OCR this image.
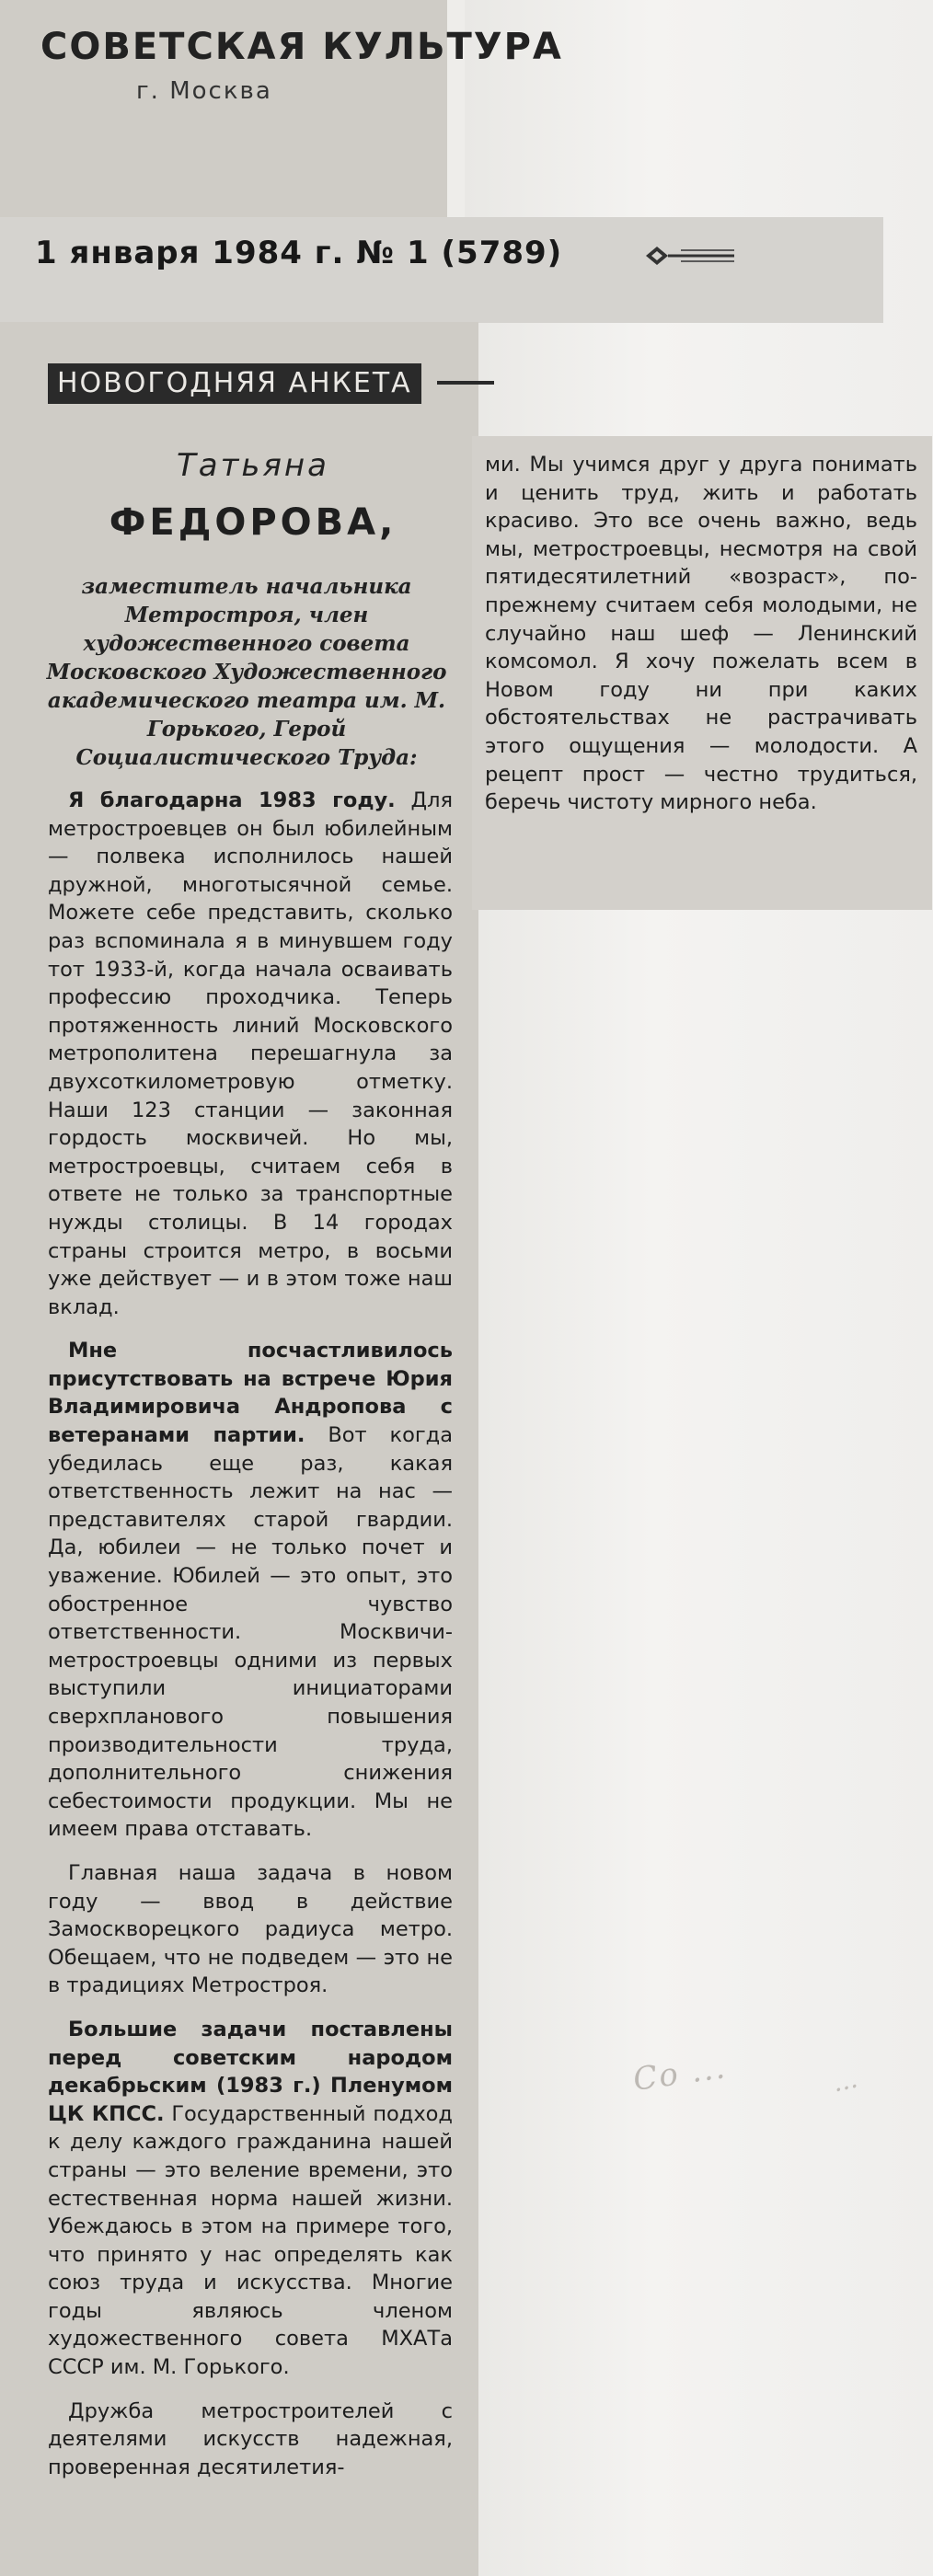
СОВЕТСКАЯ КУЛЬТУРА
г. Москва
1 января 1984 г. № 1 (5789)
НОВОГОДНЯЯ АНКЕТА
Татьяна
ФЕДОРОВА,
заместитель начальника Метростроя, член художественного совета Московского Художественного академического театра им. М. Горького, Герой Социалистического Труда:

Я благодарна 1983 году. Для метростроевцев он был юбилейным — полвека исполнилось нашей дружной, многотысячной семье. Можете себе представить, сколько раз вспоминала я в минувшем году тот 1933-й, когда начала осваивать профессию проходчика. Теперь протяженность линий Московского метрополитена перешагнула за двухсоткилометровую отметку. Наши 123 станции — законная гордость москвичей. Но мы, метростроевцы, считаем себя в ответе не только за транспортные нужды столицы. В 14 городах страны строится метро, в восьми уже действует — и в этом тоже наш вклад.

Мне посчастливилось присутствовать на встрече Юрия Владимировича Андропова с ветеранами партии. Вот когда убедилась еще раз, какая ответственность лежит на нас — представителях старой гвардии. Да, юбилеи — не только почет и уважение. Юбилей — это опыт, это обостренное чувство ответственности. Москвичи-метростроевцы одними из первых выступили инициаторами сверхпланового повышения производительности труда, дополнительного снижения себестоимости продукции. Мы не имеем права отставать.

Главная наша задача в новом году — ввод в действие Замоскворецкого радиуса метро. Обещаем, что не подведем — это не в традициях Метростроя.

Большие задачи поставлены перед советским народом декабрьским (1983 г.) Пленумом ЦК КПСС. Государственный подход к делу каждого гражданина нашей страны — это веление времени, это естественная норма нашей жизни. Убеждаюсь в этом на примере того, что принято у нас определять как союз труда и искусства. Многие годы являюсь членом художественного совета МХАТа СССР им. М. Горького.

Дружба метростроителей с деятелями искусств надежная, проверенная десятилетия-

ми. Мы учимся друг у друга понимать и ценить труд, жить и работать красиво. Это все очень важно, ведь мы, метростроевцы, несмотря на свой пятидесятилетний «возраст», по-прежнему считаем себя молодыми, не случайно наш шеф — Ленинский комсомол. Я хочу пожелать всем в Новом году ни при каких обстоятельствах не растрачивать этого ощущения — молодости. А рецепт прост — честно трудиться, беречь чистоту мирного неба.

Со ...	...
